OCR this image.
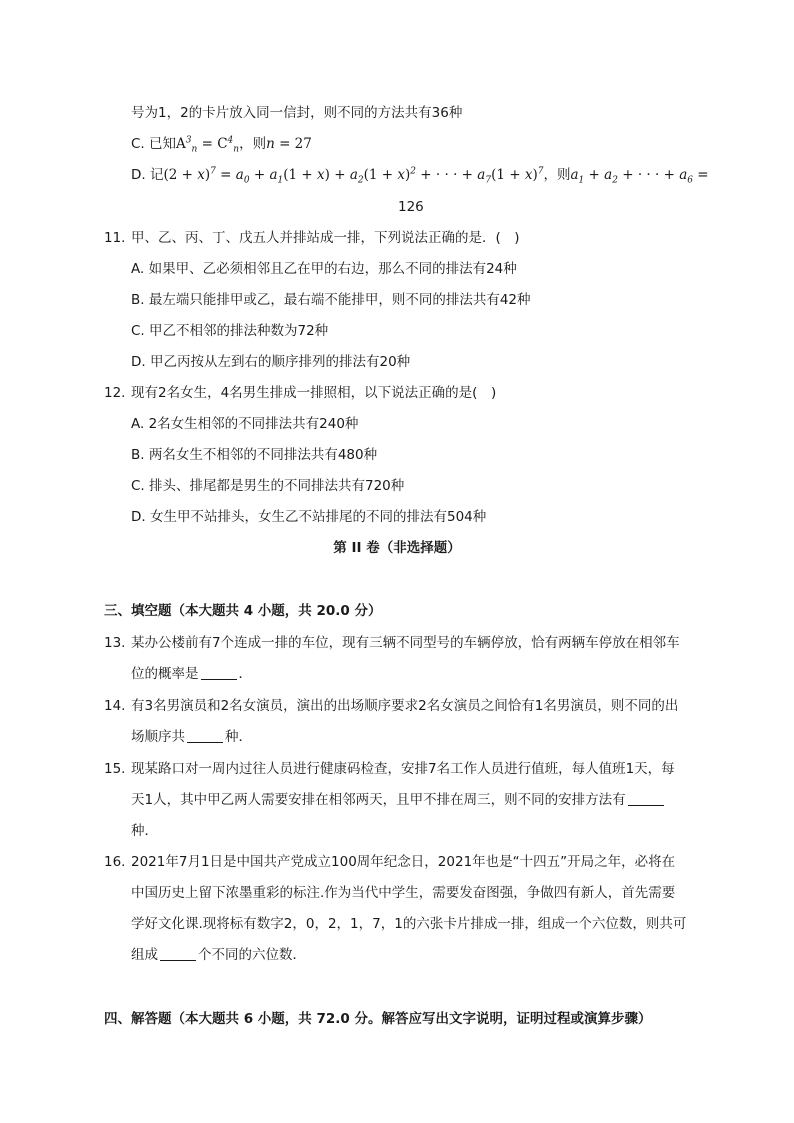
号为1，2的卡片放入同一信封，则不同的方法共有36种
C. 已知$A^3_n = C^4_n$，则n = 27
D. 记$(2 + x)^7 = a_0 + a_1(1 + x) + a_2(1 + x)^2$ + · · · + $a_7(1 + x)^7$，则$a_1 + a_2$ + · · · + $a_6$ =
126
11. 甲、乙、丙、丁、戊五人并排站成一排，下列说法正确的是．(　)
A. 如果甲、乙必须相邻且乙在甲的右边，那么不同的排法有24种
B. 最左端只能排甲或乙，最右端不能排甲，则不同的排法共有42种
C. 甲乙不相邻的排法种数为72种
D. 甲乙丙按从左到右的顺序排列的排法有20种
12. 现有2名女生，4名男生排成一排照相，以下说法正确的是(　)
A. 2名女生相邻的不同排法共有240种
B. 两名女生不相邻的不同排法共有480种
C. 排头、排尾都是男生的不同排法共有720种
D. 女生甲不站排头，女生乙不站排尾的不同的排法有504种
第 II 卷（非选择题）
三、填空题（本大题共 4 小题，共 20.0 分）
13. 某办公楼前有7个连成一排的车位，现有三辆不同型号的车辆停放，恰有两辆车停放在相邻车
位的概率是	．
14. 有3名男演员和2名女演员，演出的出场顺序要求2名女演员之间恰有1名男演员，则不同的出
场顺序共	种．
15. 现某路口对一周内过往人员进行健康码检查，安排7名工作人员进行值班，每人值班1天，每
天1人，其中甲乙两人需要安排在相邻两天，且甲不排在周三，则不同的安排方法有
种．
16. 2021年7月1日是中国共产党成立100周年纪念日，2021年也是“十四五”开局之年，必将在
中国历史上留下浓墨重彩的标注.作为当代中学生，需要发奋图强，争做四有新人，首先需要
学好文化课.现将标有数字2，0，2，1，7，1的六张卡片排成一排，组成一个六位数，则共可
组成	个不同的六位数．
四、解答题（本大题共 6 小题，共 72.0 分。解答应写出文字说明，证明过程或演算步骤）
